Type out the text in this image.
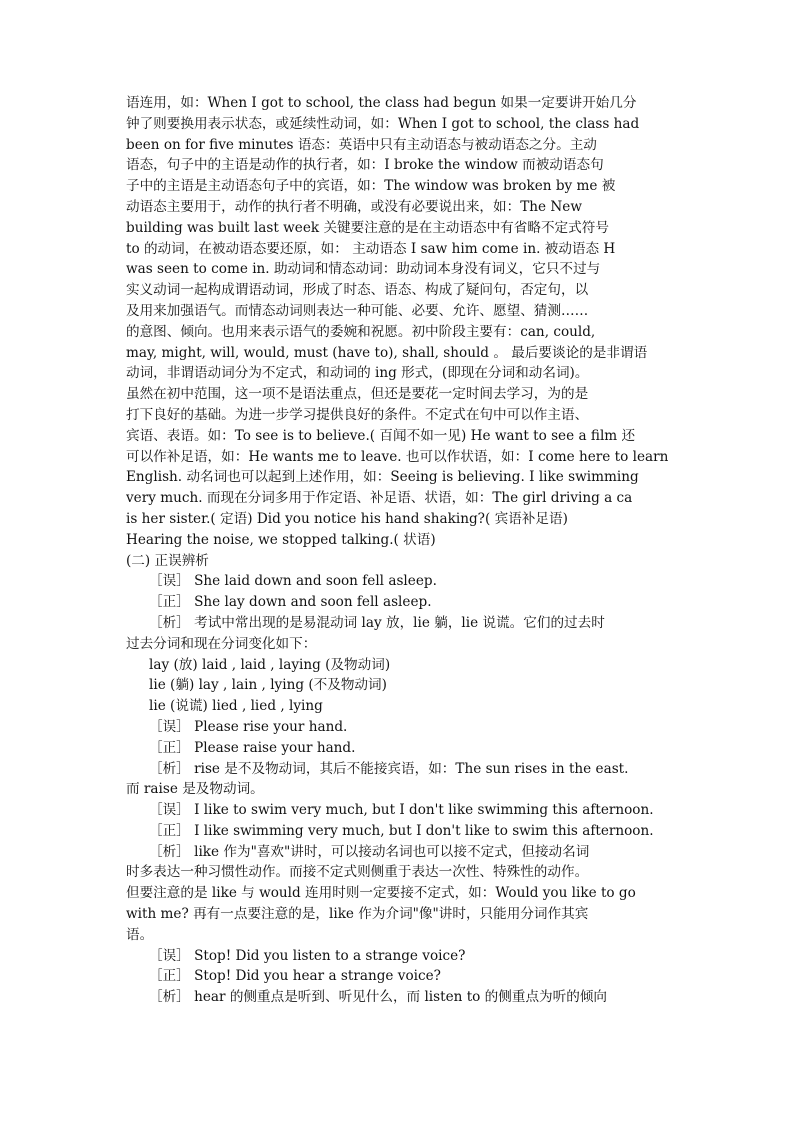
语连用，如：When I got to school, the class had begun 如果一定要讲开始几分
钟了则要换用表示状态，或延续性动词，如：When I got to school, the class had
been on for five minutes 语态：英语中只有主动语态与被动语态之分。主动
语态，句子中的主语是动作的执行者，如：I broke the window 而被动语态句
子中的主语是主动语态句子中的宾语，如：The window was broken by me 被
动语态主要用于，动作的执行者不明确，或没有必要说出来，如：The New
building was built last week 关键要注意的是在主动语态中有省略不定式符号
to 的动词，在被动语态要还原，如： 主动语态 I saw him come in. 被动语态 H
was seen to come in. 助动词和情态动词：助动词本身没有词义，它只不过与
实义动词一起构成谓语动词，形成了时态、语态、构成了疑问句，否定句，以
及用来加强语气。而情态动词则表达一种可能、必要、允许、愿望、猜测……
的意图、倾向。也用来表示语气的委婉和祝愿。初中阶段主要有：can, could,
may, might, will, would, must (have to), shall, should 。 最后要谈论的是非谓语
动词，非谓语动词分为不定式，和动词的 ing 形式，(即现在分词和动名词)。
虽然在初中范围，这一项不是语法重点，但还是要花一定时间去学习，为的是
打下良好的基础。为进一步学习提供良好的条件。不定式在句中可以作主语、
宾语、表语。如：To see is to believe.( 百闻不如一见) He want to see a film 还
可以作补足语，如：He wants me to leave. 也可以作状语，如：I come here to learn
English. 动名词也可以起到上述作用，如：Seeing is believing. I like swimming
very much. 而现在分词多用于作定语、补足语、状语，如：The girl driving a ca
is her sister.( 定语) Did you notice his hand shaking?( 宾语补足语)
Hearing the noise, we stopped talking.( 状语)
(二) 正误辨析
［误］ She laid down and soon fell asleep.
［正］ She lay down and soon fell asleep.
［析］ 考试中常出现的是易混动词 lay 放，lie 躺，lie 说谎。它们的过去时
过去分词和现在分词变化如下：
lay (放) laid , laid , laying (及物动词)
lie (躺) lay , lain , lying (不及物动词)
lie (说谎) lied , lied , lying
［误］ Please rise your hand.
［正］ Please raise your hand.
［析］ rise 是不及物动词，其后不能接宾语，如：The sun rises in the east.
而 raise 是及物动词。
［误］ I like to swim very much, but I don't like swimming this afternoon.
［正］ I like swimming very much, but I don't like to swim this afternoon.
［析］ like 作为"喜欢"讲时，可以接动名词也可以接不定式，但接动名词
时多表达一种习惯性动作。而接不定式则侧重于表达一次性、特殊性的动作。
但要注意的是 like 与 would 连用时则一定要接不定式，如：Would you like to go
with me? 再有一点要注意的是，like 作为介词"像"讲时，只能用分词作其宾
语。
［误］ Stop! Did you listen to a strange voice?
［正］ Stop! Did you hear a strange voice?
［析］ hear 的侧重点是听到、听见什么，而 listen to 的侧重点为听的倾向
